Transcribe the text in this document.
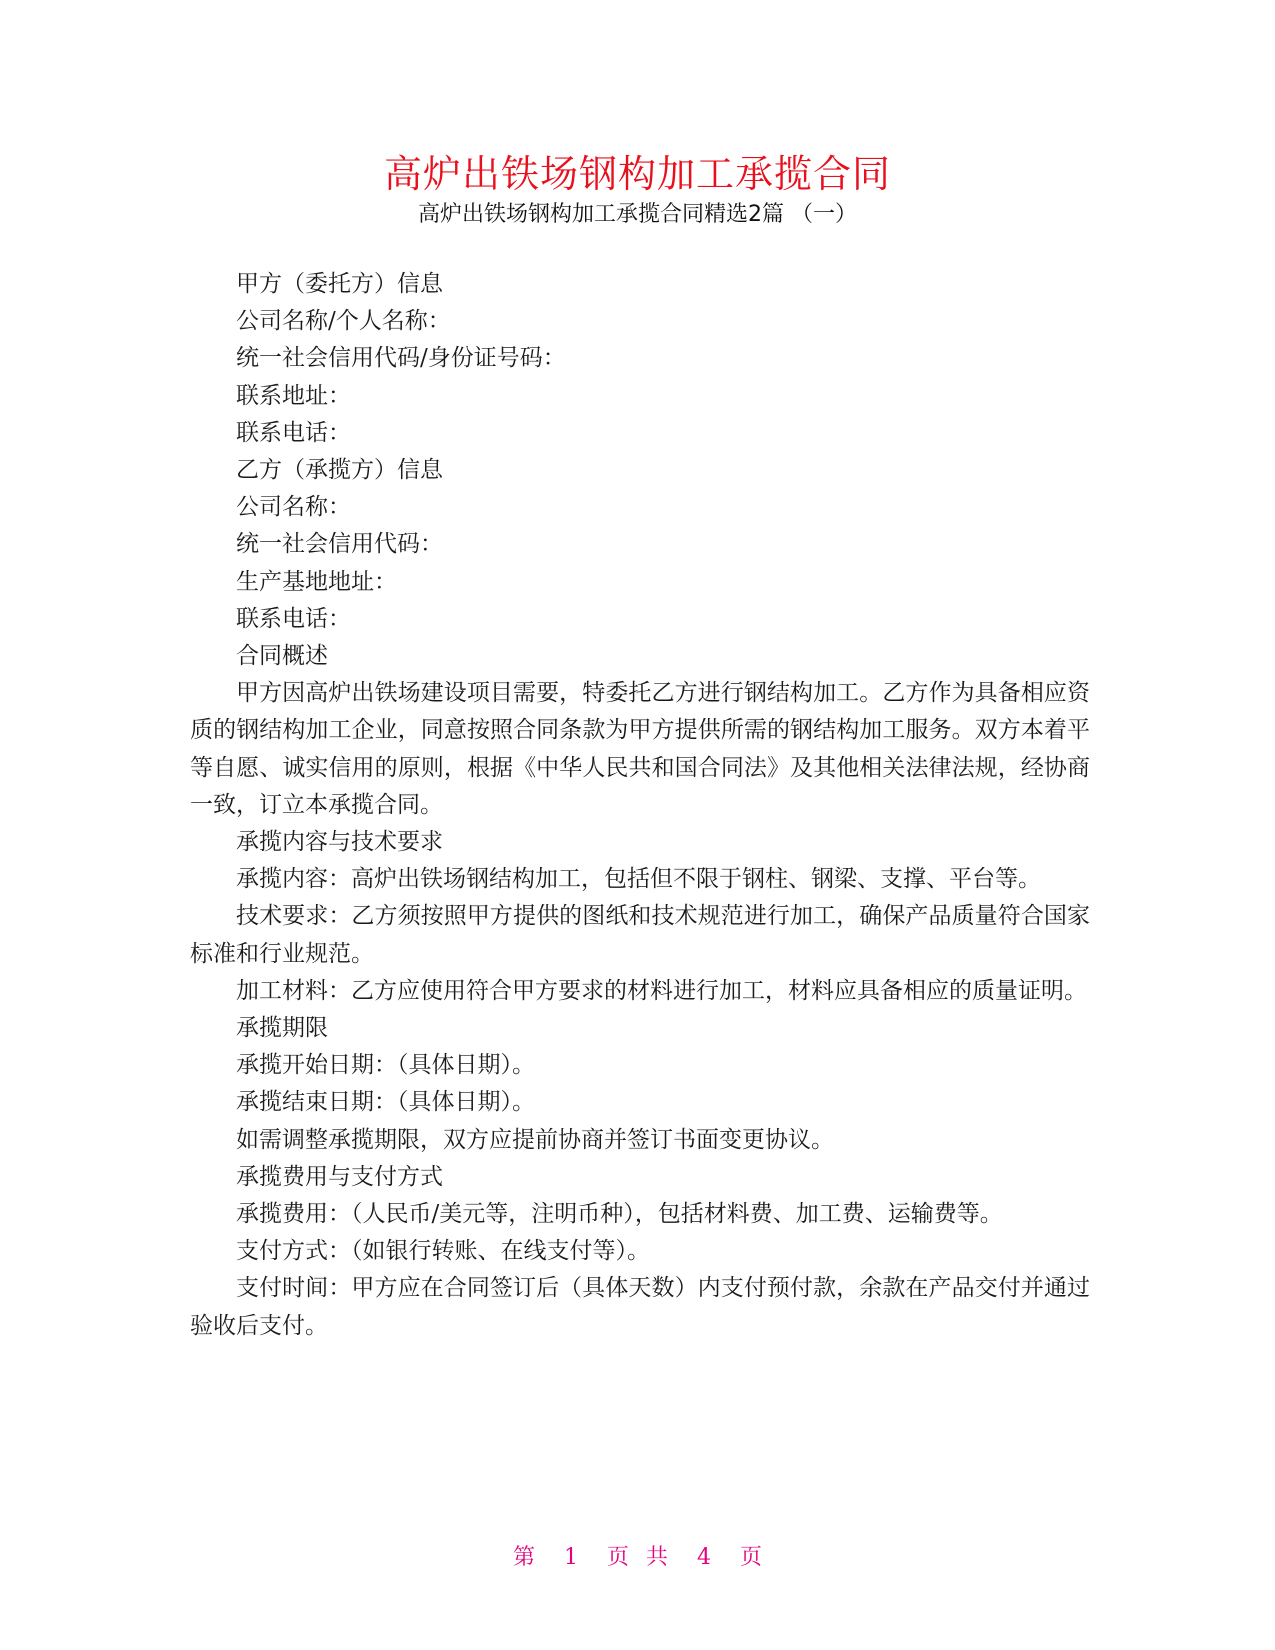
高炉出铁场钢构加工承揽合同
高炉出铁场钢构加工承揽合同精选2篇 （一）

甲方（委托方）信息

公司名称/个人名称：

统一社会信用代码/身份证号码：

联系地址：

联系电话：

乙方（承揽方）信息

公司名称：

统一社会信用代码：

生产基地地址：

联系电话：

合同概述

甲方因高炉出铁场建设项目需要，特委托乙方进行钢结构加工。乙方作为具备相应资质的钢结构加工企业，同意按照合同条款为甲方提供所需的钢结构加工服务。双方本着平等自愿、诚实信用的原则，根据《中华人民共和国合同法》及其他相关法律法规，经协商一致，订立本承揽合同。

承揽内容与技术要求

承揽内容：高炉出铁场钢结构加工，包括但不限于钢柱、钢梁、支撑、平台等。

技术要求：乙方须按照甲方提供的图纸和技术规范进行加工，确保产品质量符合国家标准和行业规范。

加工材料：乙方应使用符合甲方要求的材料进行加工，材料应具备相应的质量证明。

承揽期限

承揽开始日期：（具体日期）。

承揽结束日期：（具体日期）。

如需调整承揽期限，双方应提前协商并签订书面变更协议。

承揽费用与支付方式

承揽费用：（人民币/美元等，注明币种），包括材料费、加工费、运输费等。

支付方式：（如银行转账、在线支付等）。

支付时间：甲方应在合同签订后（具体天数）内支付预付款，余款在产品交付并通过验收后支付。

第 1 页 共 4 页
